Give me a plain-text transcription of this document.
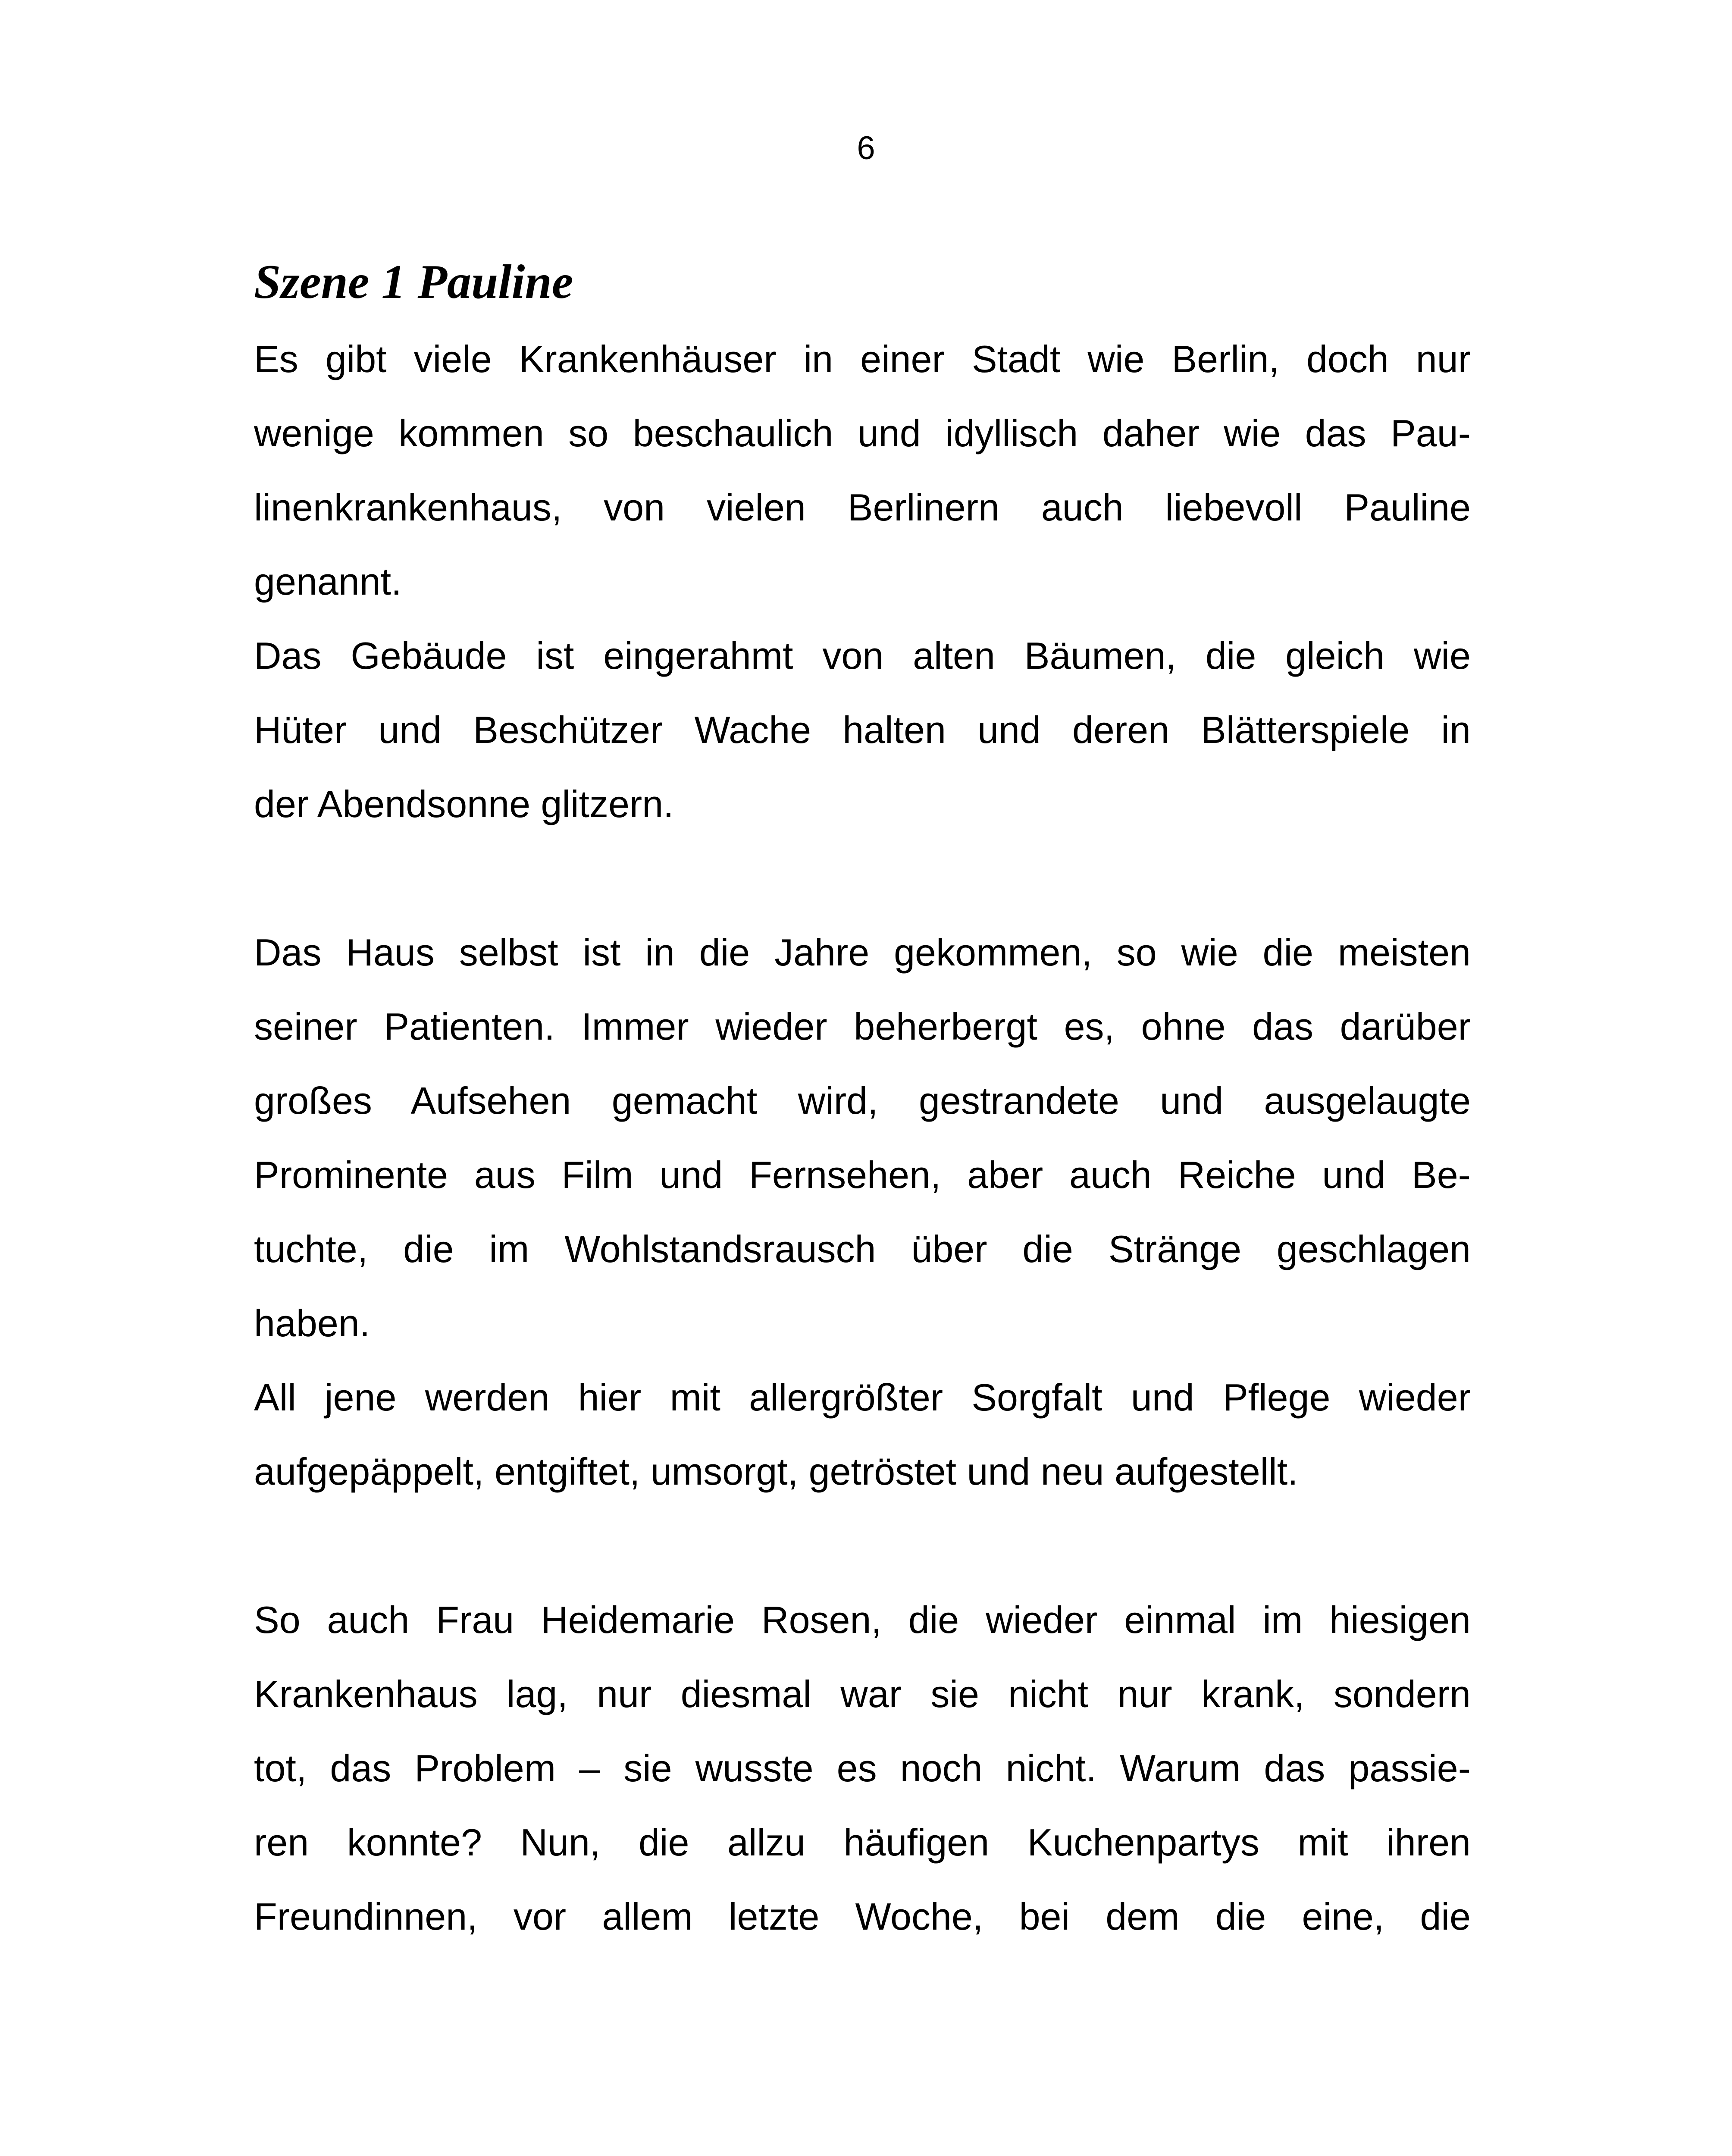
6
Szene 1 Pauline
Es gibt viele Krankenhäuser in einer Stadt wie Berlin, doch nur
wenige kommen so beschaulich und idyllisch daher wie das Pau-
linenkrankenhaus, von vielen Berlinern auch liebevoll Pauline
genannt.
Das Gebäude ist eingerahmt von alten Bäumen, die gleich wie
Hüter und Beschützer Wache halten und deren Blätterspiele in
der Abendsonne glitzern.
Das Haus selbst ist in die Jahre gekommen, so wie die meisten
seiner Patienten. Immer wieder beherbergt es, ohne das darüber
großes Aufsehen gemacht wird, gestrandete und ausgelaugte
Prominente aus Film und Fernsehen, aber auch Reiche und Be-
tuchte, die im Wohlstandsrausch über die Stränge geschlagen
haben.
All jene werden hier mit allergrößter Sorgfalt und Pflege wieder
aufgepäppelt, entgiftet, umsorgt, getröstet und neu aufgestellt.
So auch Frau Heidemarie Rosen, die wieder einmal im hiesigen
Krankenhaus lag, nur diesmal war sie nicht nur krank, sondern
tot, das Problem – sie wusste es noch nicht. Warum das passie-
ren konnte? Nun, die allzu häufigen Kuchenpartys mit ihren
Freundinnen, vor allem letzte Woche, bei dem die eine, die
